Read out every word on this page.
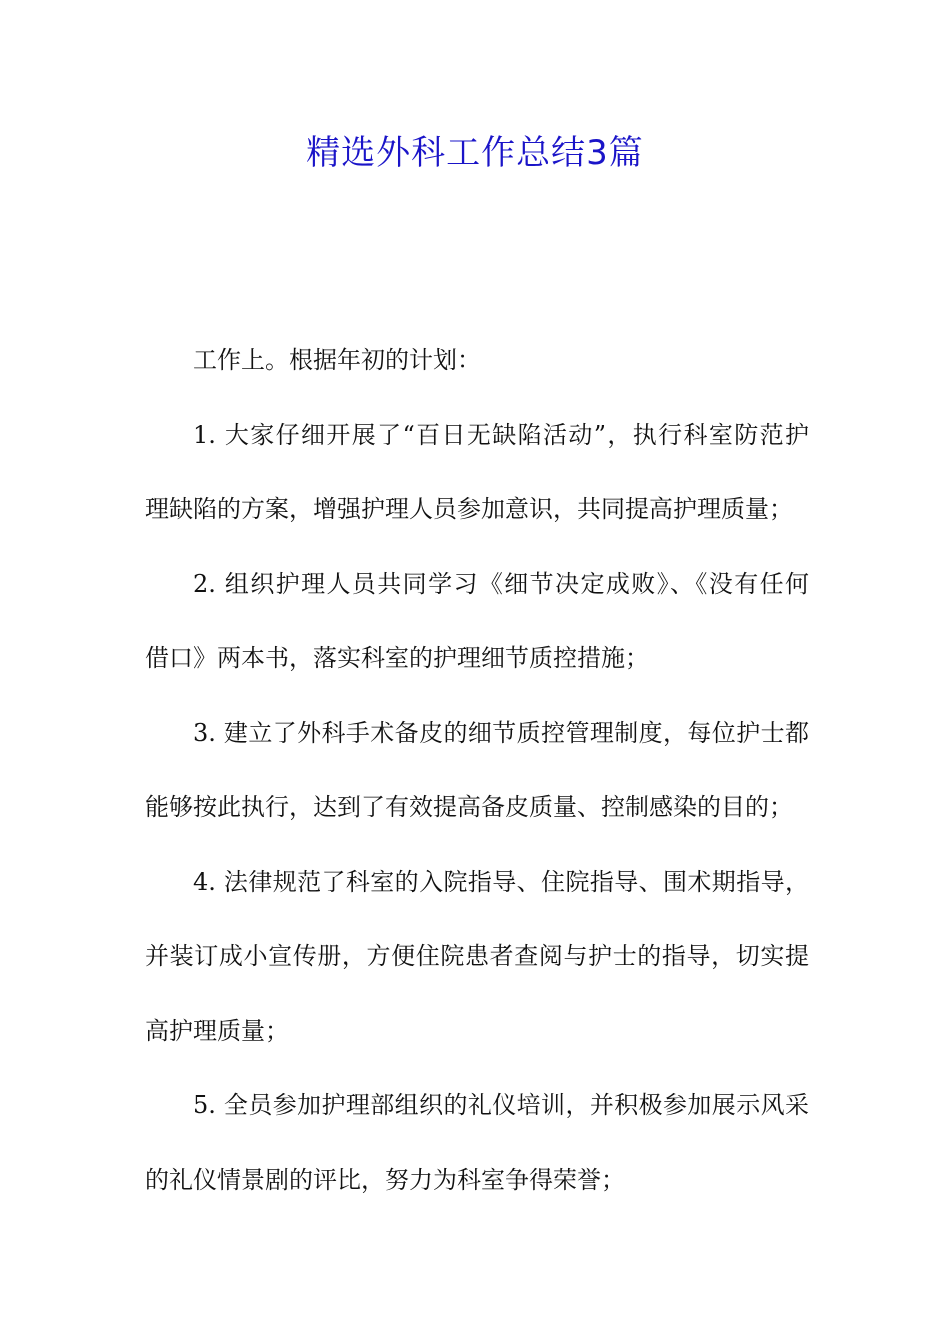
精选外科工作总结3篇
工作上。根据年初的计划：
1. 大家仔细开展了“百日无缺陷活动”，执行科室防范护
理缺陷的方案，增强护理人员参加意识，共同提高护理质量；
2. 组织护理人员共同学习《细节决定成败》、《没有任何
借口》两本书，落实科室的护理细节质控措施；
3. 建立了外科手术备皮的细节质控管理制度，每位护士都
能够按此执行，达到了有效提高备皮质量、控制感染的目的；
4. 法律规范了科室的入院指导、住院指导、围术期指导，
并装订成小宣传册，方便住院患者查阅与护士的指导，切实提
高护理质量；
5. 全员参加护理部组织的礼仪培训，并积极参加展示风采
的礼仪情景剧的评比，努力为科室争得荣誉；
